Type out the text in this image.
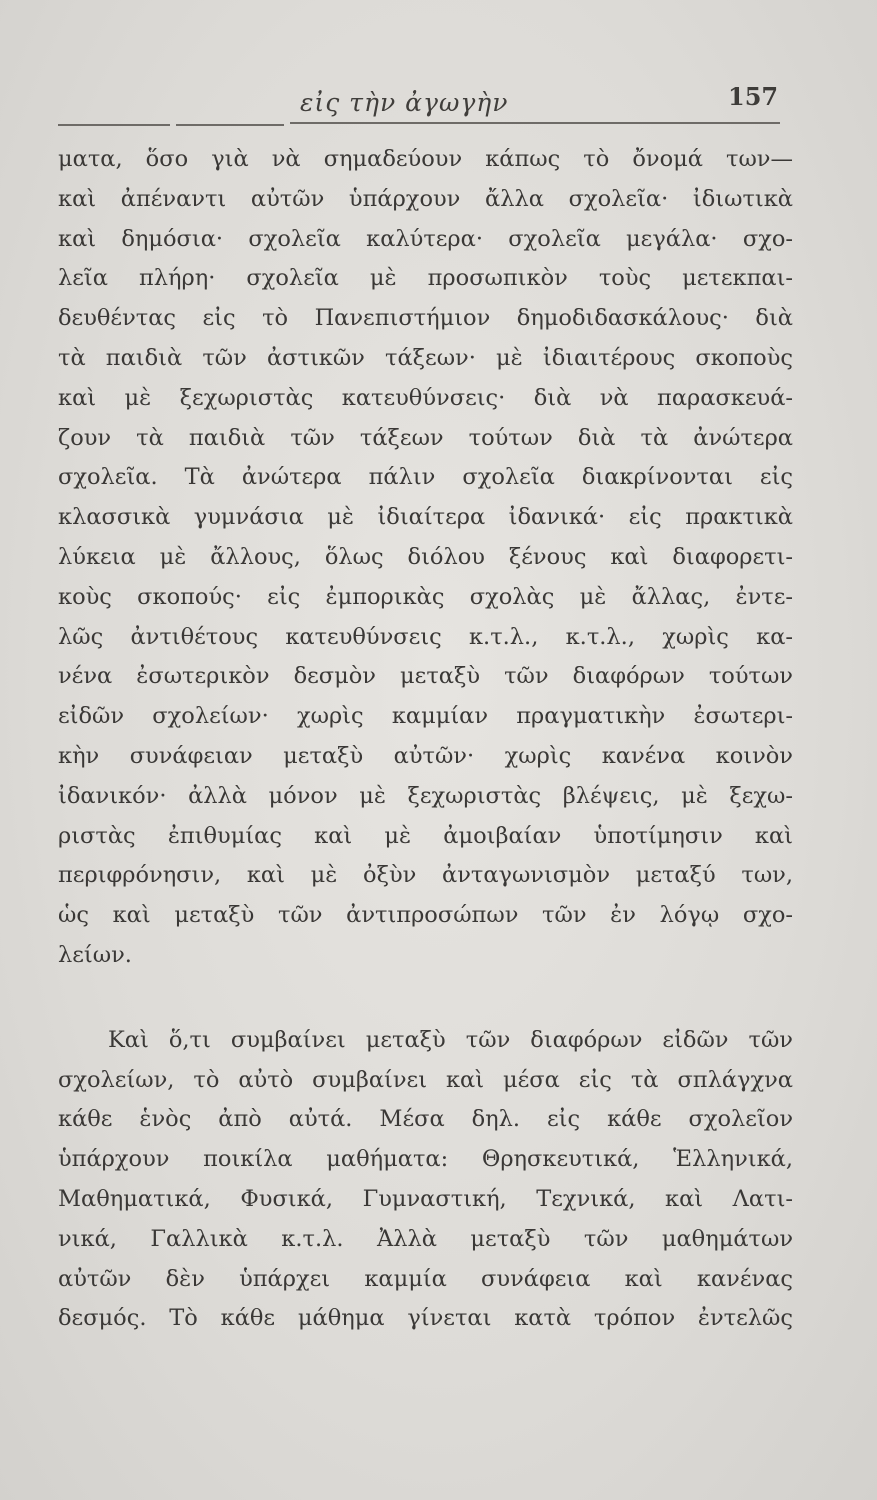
εἰς τὴν ἀγωγὴν	157
ματα, ὅσο γιὰ νὰ σημαδεύουν κάπως τὸ ὄνομά των—
καὶ ἀπέναντι αὐτῶν ὑπάρχουν ἄλλα σχολεῖα· ἰδιωτικὰ
καὶ δημόσια· σχολεῖα καλύτερα· σχολεῖα μεγάλα· σχο-
λεῖα πλήρη· σχολεῖα μὲ προσωπικὸν τοὺς μετεκπαι-
δευθέντας εἰς τὸ Πανεπιστήμιον δημοδιδασκάλους· διὰ
τὰ παιδιὰ τῶν ἀστικῶν τάξεων· μὲ ἰδιαιτέρους σκοποὺς
καὶ μὲ ξεχωριστὰς κατευθύνσεις· διὰ νὰ παρασκευά-
ζουν τὰ παιδιὰ τῶν τάξεων τούτων διὰ τὰ ἀνώτερα
σχολεῖα. Τὰ ἀνώτερα πάλιν σχολεῖα διακρίνονται εἰς
κλασσικὰ γυμνάσια μὲ ἰδιαίτερα ἰδανικά· εἰς πρακτικὰ
λύκεια μὲ ἄλλους, ὅλως διόλου ξένους καὶ διαφορετι-
κοὺς σκοπούς· εἰς ἐμπορικὰς σχολὰς μὲ ἄλλας, ἐντε-
λῶς ἀντιθέτους κατευθύνσεις κ.τ.λ., κ.τ.λ., χωρὶς κα-
νένα ἐσωτερικὸν δεσμὸν μεταξὺ τῶν διαφόρων τούτων
εἰδῶν σχολείων· χωρὶς καμμίαν πραγματικὴν ἐσωτερι-
κὴν συνάφειαν μεταξὺ αὐτῶν· χωρὶς κανένα κοινὸν
ἰδανικόν· ἀλλὰ μόνον μὲ ξεχωριστὰς βλέψεις, μὲ ξεχω-
ριστὰς ἐπιθυμίας καὶ μὲ ἀμοιβαίαν ὑποτίμησιν καὶ
περιφρόνησιν, καὶ μὲ ὀξὺν ἀνταγωνισμὸν μεταξύ των,
ὡς καὶ μεταξὺ τῶν ἀντιπροσώπων τῶν ἐν λόγῳ σχο-
λείων.
Καὶ ὅ,τι συμβαίνει μεταξὺ τῶν διαφόρων εἰδῶν τῶν
σχολείων, τὸ αὐτὸ συμβαίνει καὶ μέσα εἰς τὰ σπλάγχνα
κάθε ἑνὸς ἀπὸ αὐτά. Μέσα δηλ. εἰς κάθε σχολεῖον
ὑπάρχουν ποικίλα μαθήματα: Θρησκευτικά, Ἑλληνικά,
Μαθηματικά, Φυσικά, Γυμναστική, Τεχνικά, καὶ Λατι-
νικά, Γαλλικὰ κ.τ.λ. Ἀλλὰ μεταξὺ τῶν μαθημάτων
αὐτῶν δὲν ὑπάρχει καμμία συνάφεια καὶ κανένας
δεσμός. Τὸ κάθε μάθημα γίνεται κατὰ τρόπον ἐντελῶς
